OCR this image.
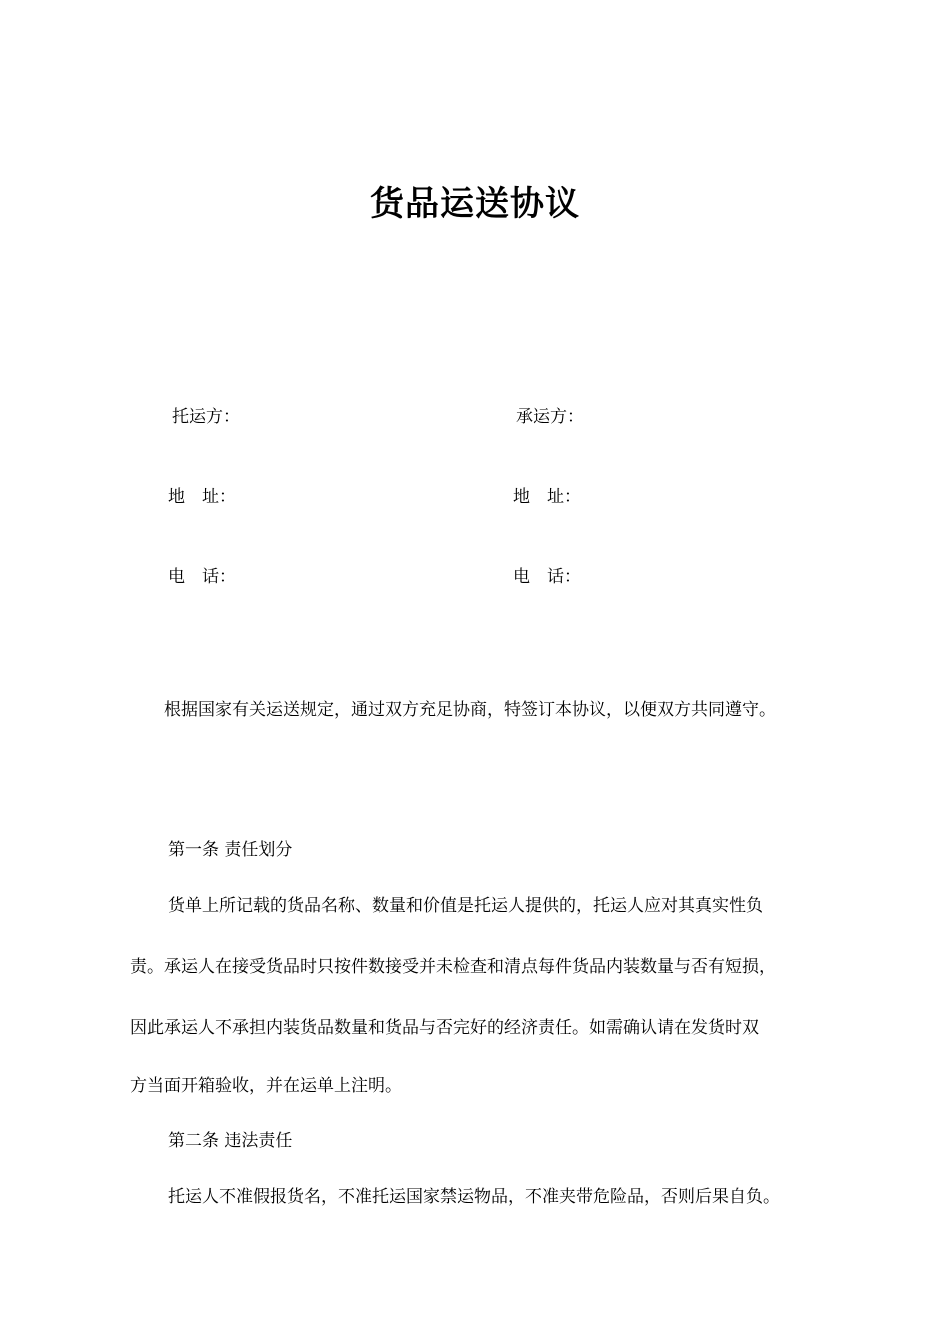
货品运送协议
托运方：	承运方：
地　址：	地　址：
电　话：	电　话：
根据国家有关运送规定，通过双方充足协商，特签订本协议，以便双方共同遵守。
第一条 责任划分
货单上所记载的货品名称、数量和价值是托运人提供的，托运人应对其真实性负
责。承运人在接受货品时只按件数接受并未检查和清点每件货品内装数量与否有短损，
因此承运人不承担内装货品数量和货品与否完好的经济责任。如需确认请在发货时双
方当面开箱验收，并在运单上注明。
第二条 违法责任
托运人不准假报货名，不准托运国家禁运物品，不准夹带危险品，否则后果自负。
